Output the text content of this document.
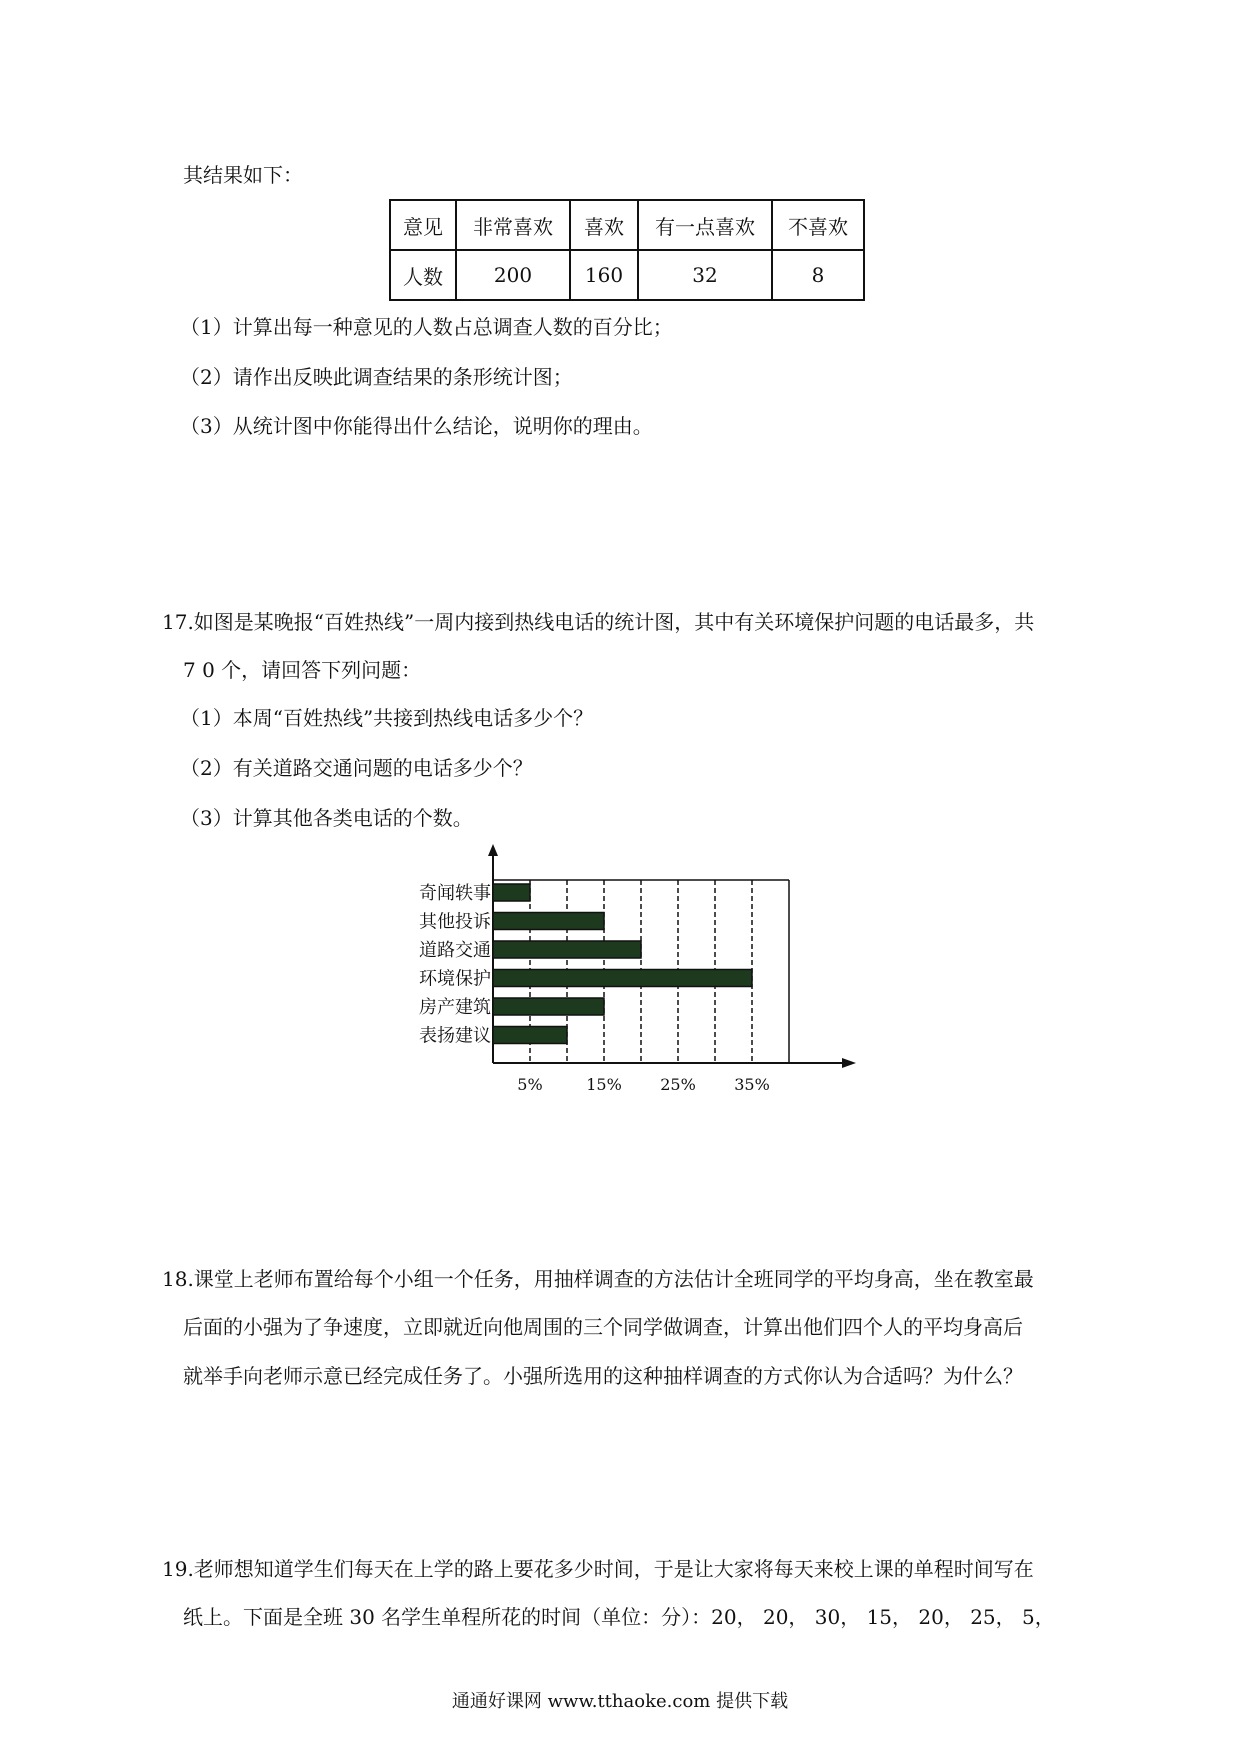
其结果如下：
意见	非常喜欢	喜欢	有一点喜欢	不喜欢
人数	200	160	32	8
（1）计算出每一种意见的人数占总调查人数的百分比；
（2）请作出反映此调查结果的条形统计图；
（3）从统计图中你能得出什么结论，说明你的理由。
17.如图是某晚报“百姓热线”一周内接到热线电话的统计图，其中有关环境保护问题的电话最多，共
7 0 个，请回答下列问题：
（1）本周“百姓热线”共接到热线电话多少个？
（2）有关道路交通问题的电话多少个？
（3）计算其他各类电话的个数。
奇闻轶事
其他投诉
道路交通
环境保护
房产建筑
表扬建议
5%	15% 25% 35%
18.课堂上老师布置给每个小组一个任务，用抽样调查的方法估计全班同学的平均身高，坐在教室最
后面的小强为了争速度，立即就近向他周围的三个同学做调查，计算出他们四个人的平均身高后
就举手向老师示意已经完成任务了。小强所选用的这种抽样调查的方式你认为合适吗？为什么？
19.老师想知道学生们每天在上学的路上要花多少时间，于是让大家将每天来校上课的单程时间写在
纸上。下面是全班 30 名学生单程所花的时间（单位：分）：20， 20， 30， 15， 20， 25， 5，
通通好课网 www.tthaoke.com 提供下载
